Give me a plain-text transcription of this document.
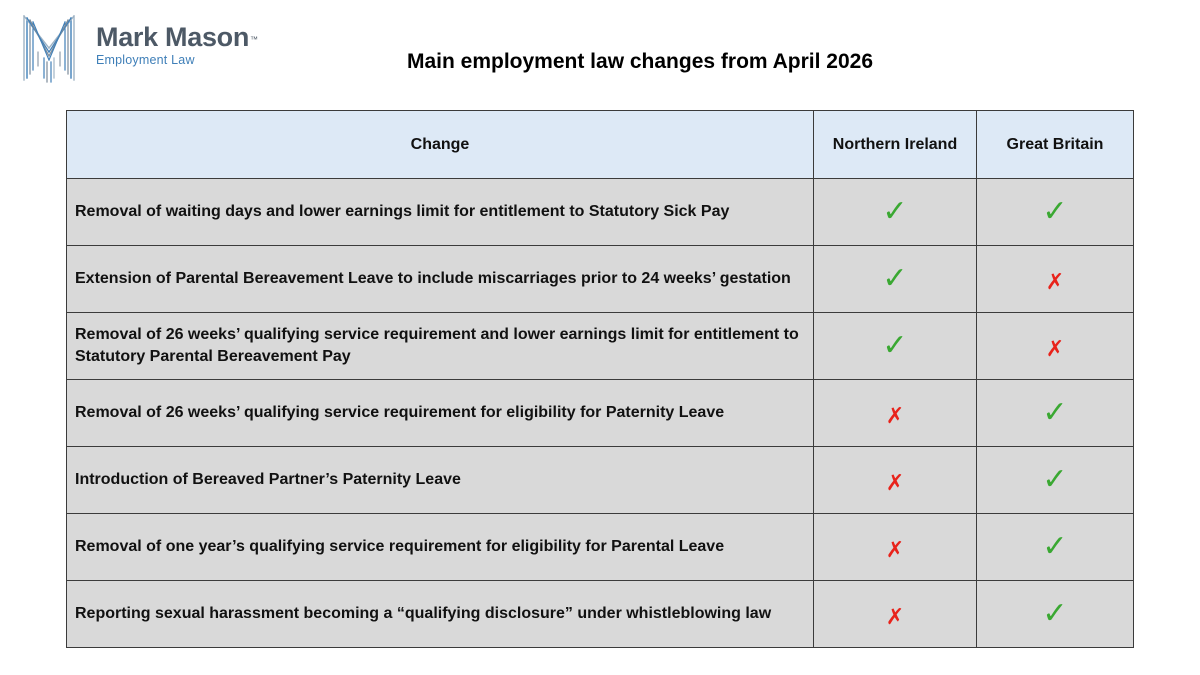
Mark Mason™
Employment Law	Main employment law changes from April 2026
Change	Northern Ireland	Great Britain
Removal of waiting days and lower earnings limit for entitlement to Statutory Sick Pay	✓	✓
Extension of Parental Bereavement Leave to include miscarriages prior to 24 weeks’ gestation	✓	✗
Removal of 26 weeks’ qualifying service requirement and lower earnings limit for entitlement to Statutory Parental Bereavement Pay	✓	✗
Removal of 26 weeks’ qualifying service requirement for eligibility for Paternity Leave	✗	✓
Introduction of Bereaved Partner’s Paternity Leave	✗	✓
Removal of one year’s qualifying service requirement for eligibility for Parental Leave	✗	✓
Reporting sexual harassment becoming a “qualifying disclosure” under whistleblowing law	✗	✓
